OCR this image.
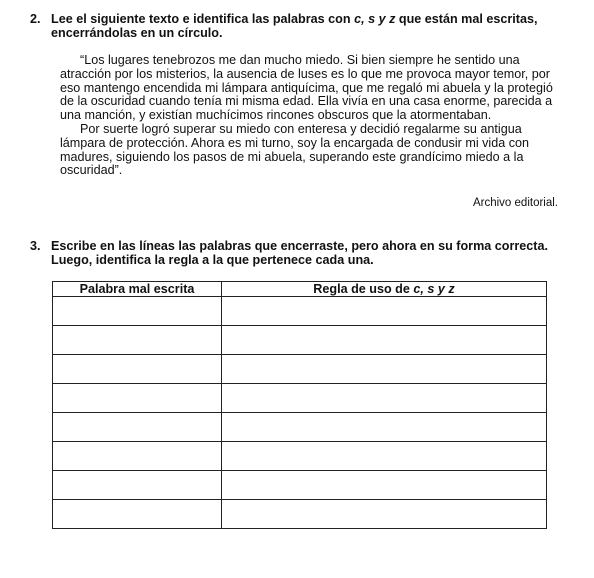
2. Lee el siguiente texto e identifica las palabras con c, s y z que están mal escritas, encerrándolas en un círculo.

“Los lugares tenebrozos me dan mucho miedo. Si bien siempre he sentido una atracción por los misterios, la ausencia de luses es lo que me provoca mayor temor, por eso mantengo encendida mi lámpara antiquícima, que me regaló mi abuela y la protegió de la oscuridad cuando tenía mi misma edad. Ella vivía en una casa enorme, parecida a una manción, y existían muchícimos rincones obscuros que la atormentaban.

Por suerte logró superar su miedo con enteresa y decidió regalarme su antigua lámpara de protección. Ahora es mi turno, soy la encargada de condusir mi vida con madures, siguiendo los pasos de mi abuela, superando este grandícimo miedo a la oscuridad”.

Archivo editorial.
3. Escribe en las líneas las palabras que encerraste, pero ahora en su forma correcta. Luego, identifica la regla a la que pertenece cada una.
Palabra mal escrita	Regla de uso de c, s y z
